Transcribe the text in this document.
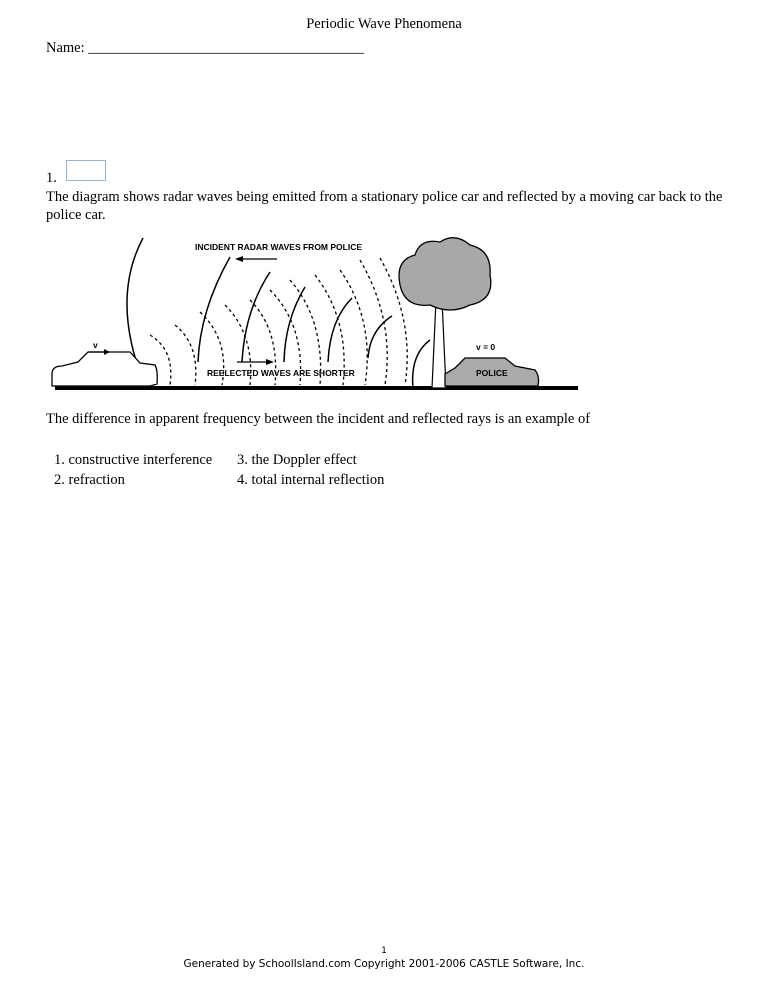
Periodic Wave Phenomena
Name: ______________________________________
1.
The diagram shows radar waves being emitted from a stationary police car and reflected by a moving car back to the police car.
v
POLICE
v = 0
INCIDENT RADAR WAVES FROM POLICE
REELECTED WAVES ARE SHORTER
The difference in apparent frequency between the incident and reflected rays is an example of
1. constructive interference
2. refraction
3. the Doppler effect
4. total internal reflection
1
Generated by SchoolIsland.com Copyright 2001-2006 CASTLE Software, Inc.
